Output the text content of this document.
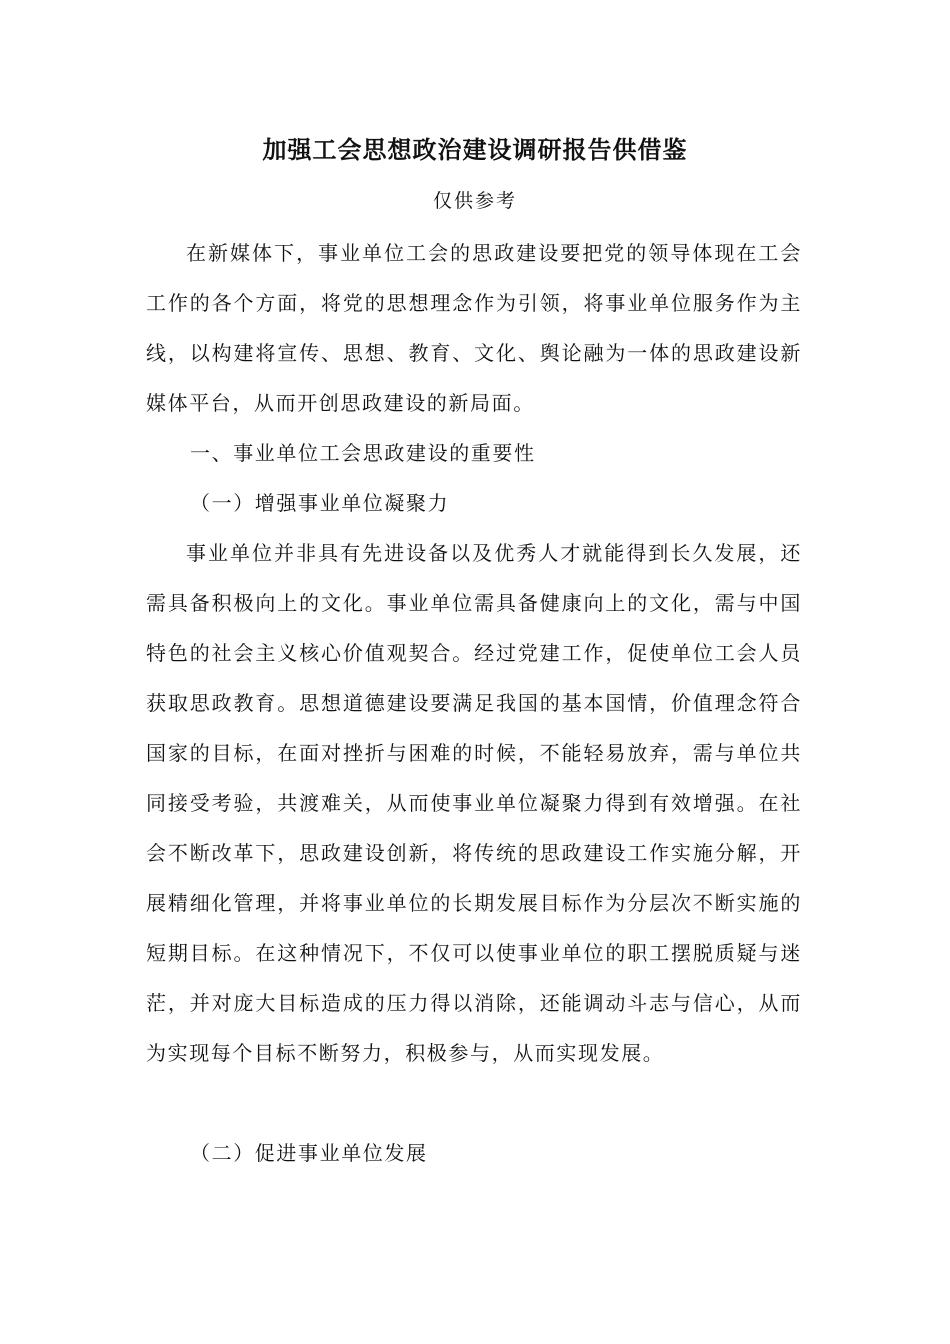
加强工会思想政治建设调研报告供借鉴
仅供参考
在新媒体下，事业单位工会的思政建设要把党的领导体现在工会工作的各个方面，将党的思想理念作为引领，将事业单位服务作为主线，以构建将宣传、思想、教育、文化、舆论融为一体的思政建设新媒体平台，从而开创思政建设的新局面。
一、事业单位工会思政建设的重要性
（一）增强事业单位凝聚力
事业单位并非具有先进设备以及优秀人才就能得到长久发展，还需具备积极向上的文化。事业单位需具备健康向上的文化，需与中国特色的社会主义核心价值观契合。经过党建工作，促使单位工会人员获取思政教育。思想道德建设要满足我国的基本国情，价值理念符合国家的目标，在面对挫折与困难的时候，不能轻易放弃，需与单位共同接受考验，共渡难关，从而使事业单位凝聚力得到有效增强。在社会不断改革下，思政建设创新，将传统的思政建设工作实施分解，开展精细化管理，并将事业单位的长期发展目标作为分层次不断实施的短期目标。在这种情况下，不仅可以使事业单位的职工摆脱质疑与迷茫，并对庞大目标造成的压力得以消除，还能调动斗志与信心，从而为实现每个目标不断努力，积极参与，从而实现发展。
（二）促进事业单位发展
